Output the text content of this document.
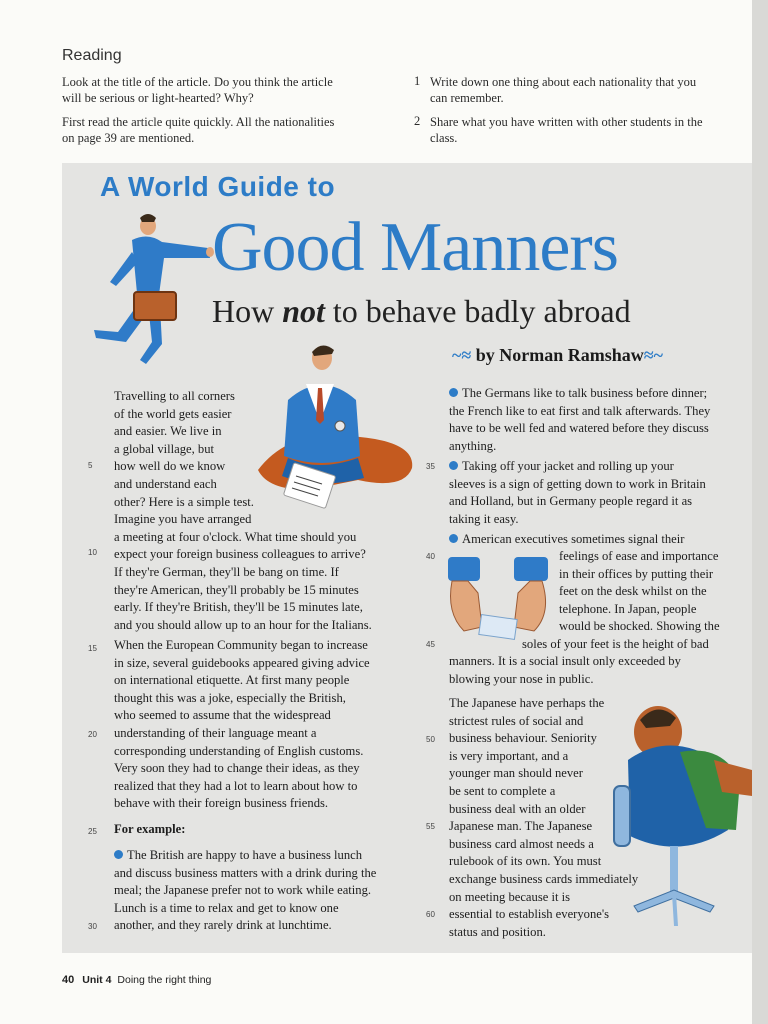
Reading
Look at the title of the article. Do you think the article
will be serious or light-hearted? Why?
First read the article quite quickly. All the nationalities
on page 39 are mentioned.
1 Write down one thing about each nationality that you
can remember.
2 Share what you have written with other students in the
class.
A World Guide to
Good Manners
How not to behave badly abroad
~≈ by Norman Ramshaw≈~
Travelling to all corners
of the world gets easier
and easier. We live in
a global village, but
how well do we know
and understand each
other? Here is a simple test.
Imagine you have arranged
a meeting at four o'clock. What time should you
expect your foreign business colleagues to arrive?
If they're German, they'll be bang on time. If
they're American, they'll probably be 15 minutes
early. If they're British, they'll be 15 minutes late,
and you should allow up to an hour for the Italians.
When the European Community began to increase
in size, several guidebooks appeared giving advice
on international etiquette. At first many people
thought this was a joke, especially the British,
who seemed to assume that the widespread
understanding of their language meant a
corresponding understanding of English customs.
Very soon they had to change their ideas, as they
realized that they had a lot to learn about how to
behave with their foreign business friends.
For example:
The British are happy to have a business lunch
and discuss business matters with a drink during the
meal; the Japanese prefer not to work while eating.
Lunch is a time to relax and get to know one
another, and they rarely drink at lunchtime.
5
10
15
20
25
30
The Germans like to talk business before dinner;
the French like to eat first and talk afterwards. They
have to be well fed and watered before they discuss
anything.
Taking off your jacket and rolling up your
sleeves is a sign of getting down to work in Britain
and Holland, but in Germany people regard it as
taking it easy.
American executives sometimes signal their
feelings of ease and importance
in their offices by putting their
feet on the desk whilst on the
telephone. In Japan, people
would be shocked. Showing the
soles of your feet is the height of bad
manners. It is a social insult only exceeded by
blowing your nose in public.
The Japanese have perhaps the
strictest rules of social and
business behaviour. Seniority
is very important, and a
younger man should never
be sent to complete a
business deal with an older
Japanese man. The Japanese
business card almost needs a
rulebook of its own. You must
exchange business cards immediately
on meeting because it is
essential to establish everyone's
status and position.
35
40
45
50
55
60
40 Unit 4 Doing the right thing
